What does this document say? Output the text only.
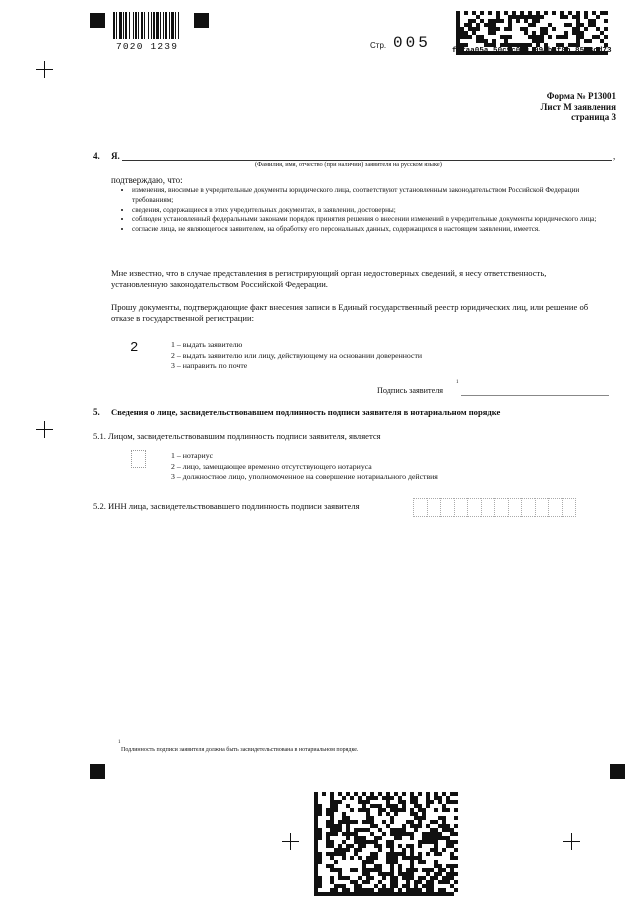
7020 1239	Стр. 005	fdfaa05a 50c9c0ec 09ab8f8b 85c8cd73
Форма № Р13001
Лист М заявления
страница 3
4. Я.	,
(Фамилия, имя, отчество (при наличии) заявителя на русском языке)
подтверждаю, что:
• изменения, вносимые в учредительные документы юридического лица, соответствуют установленным законодательством Российской Федерации требованиям;
• сведения, содержащиеся в этих учредительных документах, в заявлении, достоверны;
• соблюден установленный федеральными законами порядок принятия решения о внесении изменений в учредительные документы юридического лица;
• согласие лица, не являющегося заявителем, на обработку его персональных данных, содержащихся в настоящем заявлении, имеется.
Мне известно, что в случае представления в регистрирующий орган недостоверных сведений, я несу ответственность, установленную законодательством Российской Федерации.
Прошу документы, подтверждающие факт внесения записи в Единый государственный реестр юридических лиц, или решение об отказе в государственной регистрации:
2	1 – выдать заявителю
2 – выдать заявителю или лицу, действующему на основании доверенности
3 – направить по почте
Подпись заявителя
1
5. Сведения о лице, засвидетельствовавшем подлинность подписи заявителя в нотариальном порядке
5.1. Лицом, засвидетельствовавшим подлинность подписи заявителя, является
1 – нотариус
2 – лицо, замещающее временно отсутствующего нотариуса
3 – должностное лицо, уполномоченное на совершение нотариального действия
5.2. ИНН лица, засвидетельствовавшего подлинность подписи заявителя
1
Подлинность подписи заявителя должна быть засвидетельствована в нотариальном порядке.
